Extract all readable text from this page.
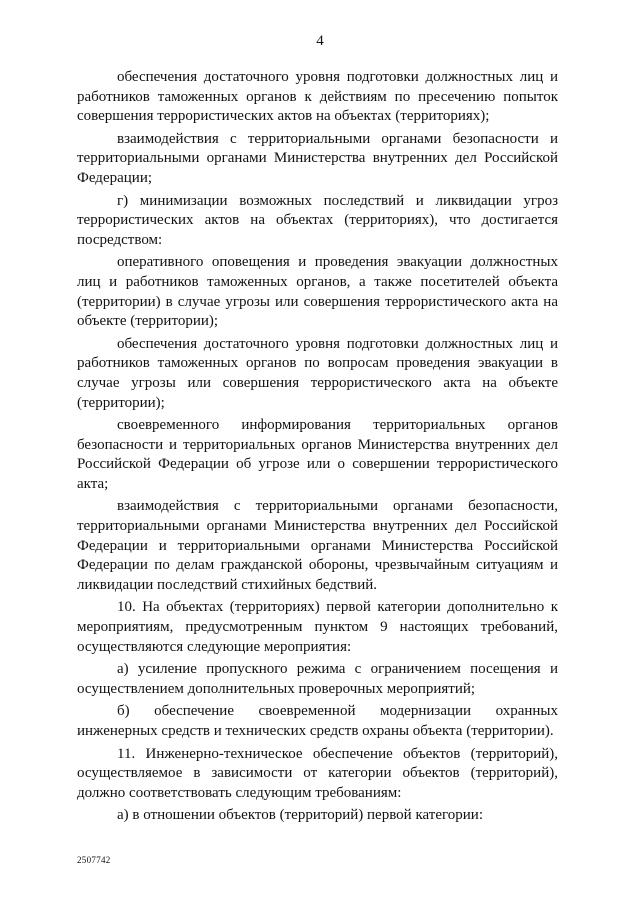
4

обеспечения достаточного уровня подготовки должностных лиц и работников таможенных органов к действиям по пресечению попыток совершения террористических актов на объектах (территориях);

взаимодействия с территориальными органами безопасности и территориальными органами Министерства внутренних дел Российской Федерации;

г) минимизации возможных последствий и ликвидации угроз террористических актов на объектах (территориях), что достигается посредством:

оперативного оповещения и проведения эвакуации должностных лиц и работников таможенных органов, а также посетителей объекта (территории) в случае угрозы или совершения террористического акта на объекте (территории);

обеспечения достаточного уровня подготовки должностных лиц и работников таможенных органов по вопросам проведения эвакуации в случае угрозы или совершения террористического акта на объекте (территории);

своевременного информирования территориальных органов безопасности и территориальных органов Министерства внутренних дел Российской Федерации об угрозе или о совершении террористического акта;

взаимодействия с территориальными органами безопасности, территориальными органами Министерства внутренних дел Российской Федерации и территориальными органами Министерства Российской Федерации по делам гражданской обороны, чрезвычайным ситуациям и ликвидации последствий стихийных бедствий.

10. На объектах (территориях) первой категории дополнительно к мероприятиям, предусмотренным пунктом 9 настоящих требований, осуществляются следующие мероприятия:

а) усиление пропускного режима с ограничением посещения и осуществлением дополнительных проверочных мероприятий;

б) обеспечение своевременной модернизации охранных инженерных средств и технических средств охраны объекта (территории).

11. Инженерно-техническое обеспечение объектов (территорий), осуществляемое в зависимости от категории объектов (территорий), должно соответствовать следующим требованиям:

а) в отношении объектов (территорий) первой категории:

2507742
